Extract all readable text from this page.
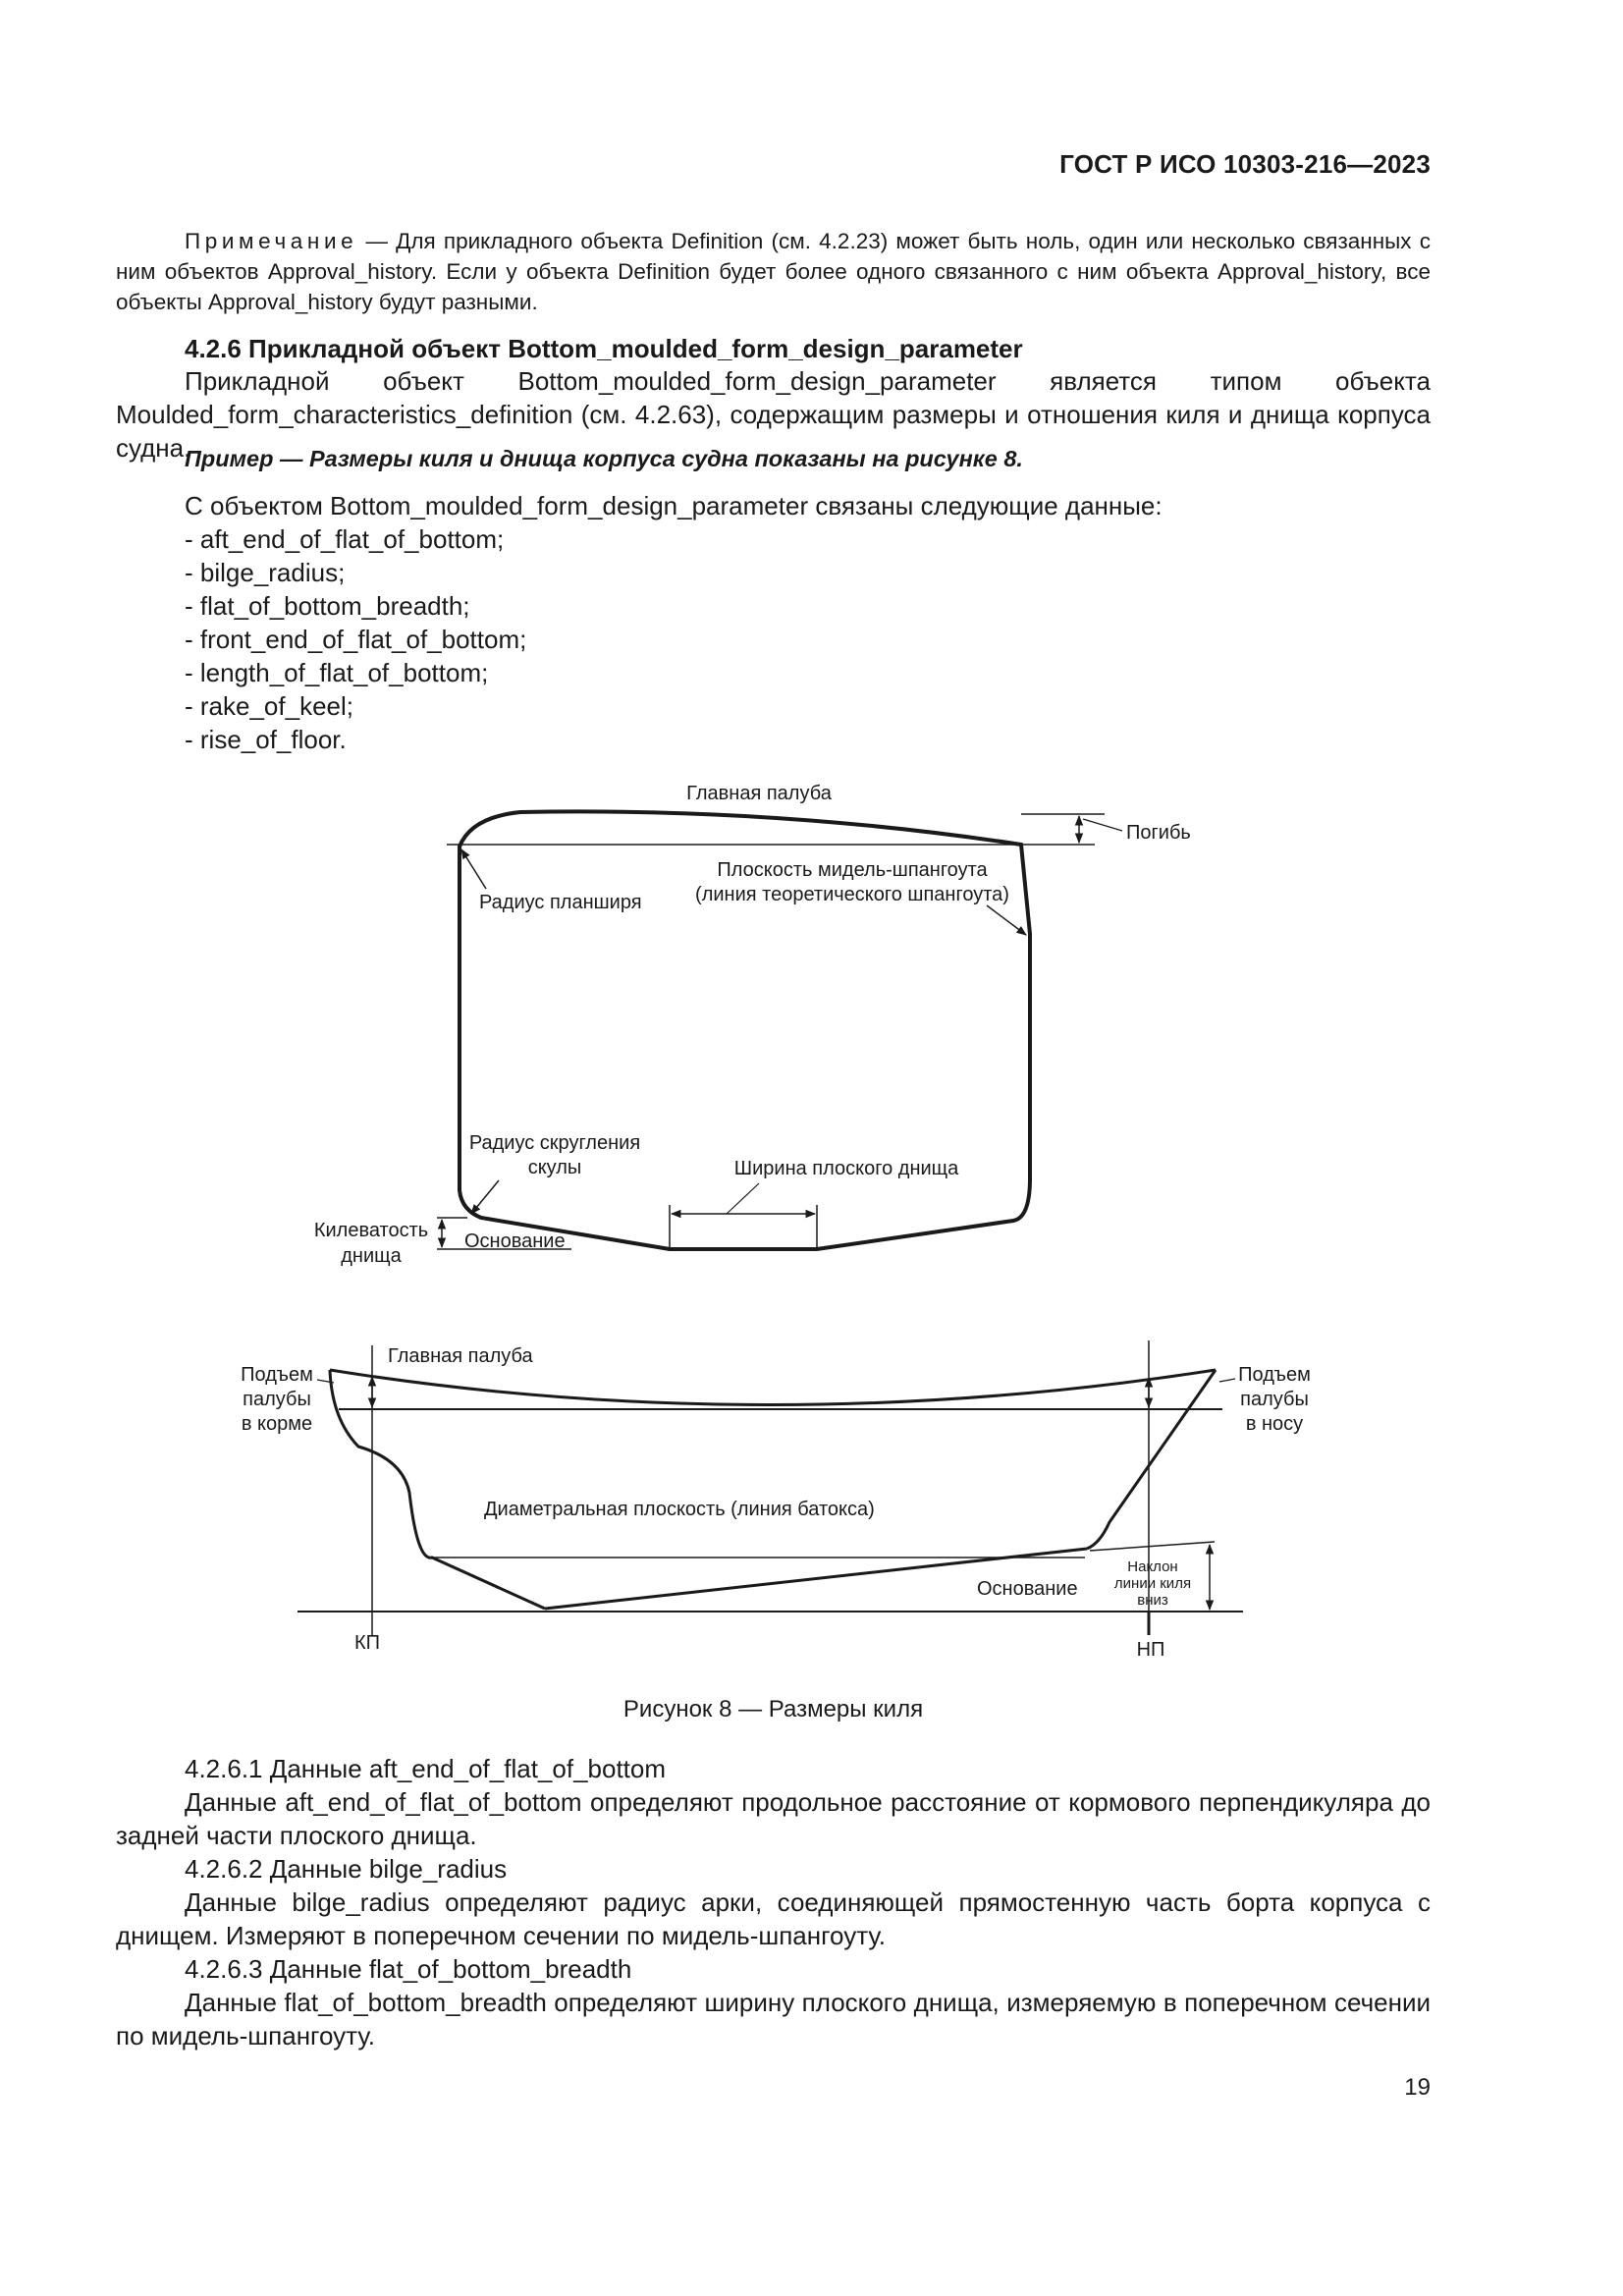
ГОСТ Р ИСО 10303-216—2023

Примечание — Для прикладного объекта Definition (см. 4.2.23) может быть ноль, один или несколько связанных с ним объектов Approval_history. Если у объекта Definition будет более одного связанного с ним объекта Approval_history, все объекты Approval_history будут разными.

4.2.6 Прикладной объект Bottom_moulded_form_design_parameter

Прикладной объект Bottom_moulded_form_design_parameter является типом объекта Moulded_form_characteristics_definition (см. 4.2.63), содержащим размеры и отношения киля и днища корпуса судна.

Пример — Размеры киля и днища корпуса судна показаны на рисунке 8.

С объектом Bottom_moulded_form_design_parameter связаны следующие данные:

- aft_end_of_flat_of_bottom;
- bilge_radius;
- flat_of_bottom_breadth;
- front_end_of_flat_of_bottom;
- length_of_flat_of_bottom;
- rake_of_keel;
- rise_of_floor.
Главная палуба
Погибь
Радиус планширя
Плоскость мидель-шпангоута
(линия теоретического шпангоута)
Радиус скругления
скулы	Ширина плоского днища
Килеватость
днища
Основание
Главная палуба
Подъем
палубы
в корме
Подъем
палубы
в носу
Диаметральная плоскость (линия батокса)
Основание
Наклон
линии киля
вниз
КП	НП
Рисунок 8 — Размеры киля

4.2.6.1 Данные aft_end_of_flat_of_bottom

Данные aft_end_of_flat_of_bottom определяют продольное расстояние от кормового перпендикуляра до задней части плоского днища.

4.2.6.2 Данные bilge_radius

Данные bilge_radius определяют радиус арки, соединяющей прямостенную часть борта корпуса с днищем. Измеряют в поперечном сечении по мидель-шпангоуту.

4.2.6.3 Данные flat_of_bottom_breadth

Данные flat_of_bottom_breadth определяют ширину плоского днища, измеряемую в поперечном сечении по мидель-шпангоуту.

19
